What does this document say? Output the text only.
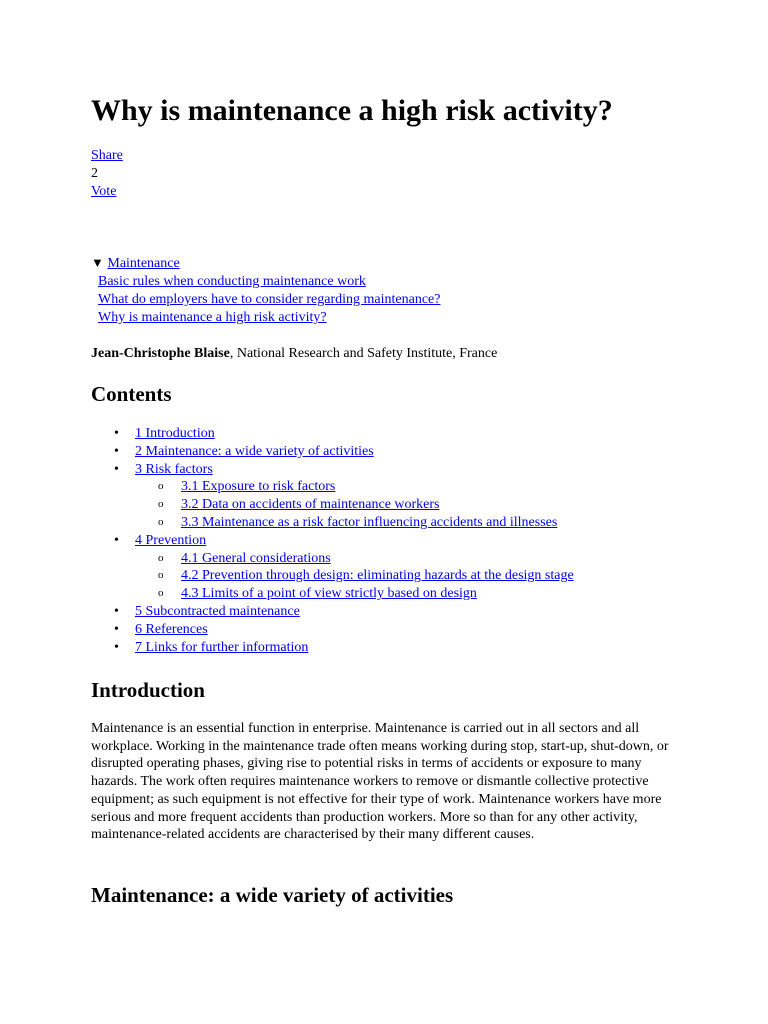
Why is maintenance a high risk activity?
Share
2
Vote
▼ Maintenance
Basic rules when conducting maintenance work
What do employers have to consider regarding maintenance?
Why is maintenance a high risk activity?
Jean-Christophe Blaise, National Research and Safety Institute, France
Contents
• 1 Introduction
• 2 Maintenance: a wide variety of activities
• 3 Risk factors
o 3.1 Exposure to risk factors
o 3.2 Data on accidents of maintenance workers
o 3.3 Maintenance as a risk factor influencing accidents and illnesses
• 4 Prevention
o 4.1 General considerations
o 4.2 Prevention through design: eliminating hazards at the design stage
o 4.3 Limits of a point of view strictly based on design
• 5 Subcontracted maintenance
• 6 References
• 7 Links for further information
Introduction

Maintenance is an essential function in enterprise. Maintenance is carried out in all sectors and all workplace. Working in the maintenance trade often means working during stop, start-up, shut-down, or disrupted operating phases, giving rise to potential risks in terms of accidents or exposure to many hazards. The work often requires maintenance workers to remove or dismantle collective protective equipment; as such equipment is not effective for their type of work. Maintenance workers have more serious and more frequent accidents than production workers. More so than for any other activity, maintenance-related accidents are characterised by their many different causes.

Maintenance: a wide variety of activities
